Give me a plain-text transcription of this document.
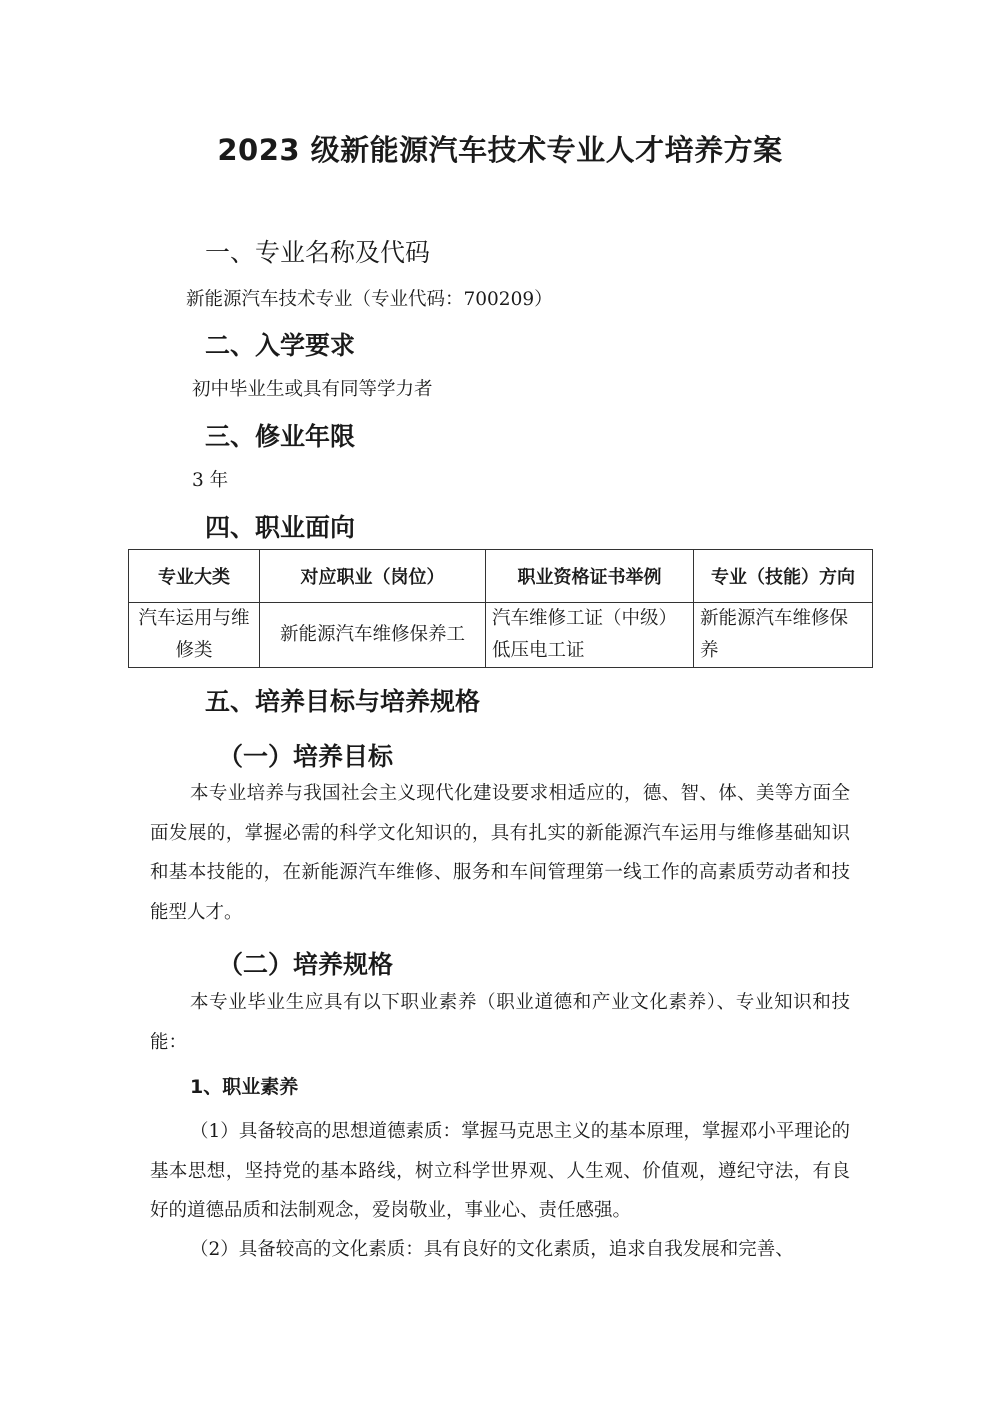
2023 级新能源汽车技术专业人才培养方案
一、专业名称及代码
新能源汽车技术专业（专业代码：700209）
二、入学要求
初中毕业生或具有同等学力者
三、修业年限
3 年
四、职业面向
专业大类	对应职业（岗位）	职业资格证书举例	专业（技能）方向
汽车运用与维修类	新能源汽车维修保养工	汽车维修工证（中级）低压电工证	新能源汽车维修保养
五、培养目标与培养规格
（一）培养目标

本专业培养与我国社会主义现代化建设要求相适应的，德、智、体、美等方面全面发展的，掌握必需的科学文化知识的，具有扎实的新能源汽车运用与维修基础知识和基本技能的，在新能源汽车维修、服务和车间管理第一线工作的高素质劳动者和技能型人才。

（二）培养规格

本专业毕业生应具有以下职业素养（职业道德和产业文化素养）、专业知识和技能：

1、职业素养

（1）具备较高的思想道德素质：掌握马克思主义的基本原理，掌握邓小平理论的基本思想，坚持党的基本路线，树立科学世界观、人生观、价值观，遵纪守法，有良好的道德品质和法制观念，爱岗敬业，事业心、责任感强。

（2）具备较高的文化素质：具有良好的文化素质，追求自我发展和完善、
